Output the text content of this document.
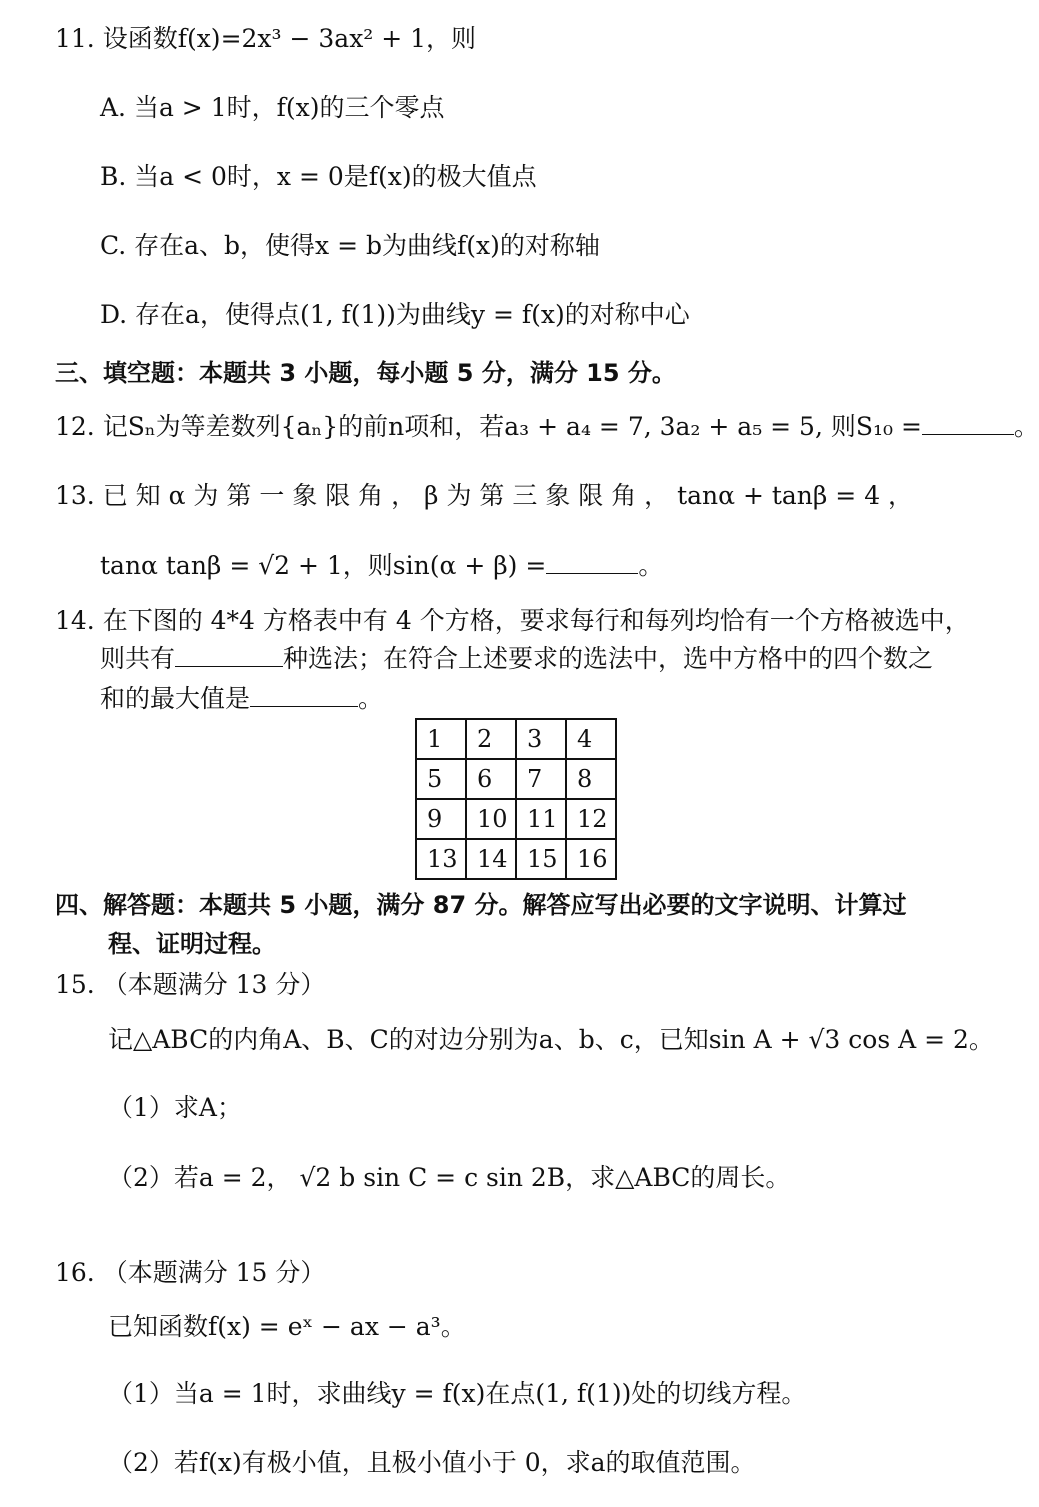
11. 设函数f(x)=2x³ − 3ax² + 1，则
A. 当a > 1时，f(x)的三个零点
B. 当a < 0时，x = 0是f(x)的极大值点
C. 存在a、b，使得x = b为曲线f(x)的对称轴
D. 存在a，使得点(1, f(1))为曲线y = f(x)的对称中心
三、填空题：本题共 3 小题，每小题 5 分，满分 15 分。
12. 记Sₙ为等差数列{aₙ}的前n项和，若a₃ + a₄ = 7, 3a₂ + a₅ = 5, 则S₁₀ =	。
13. 已 知 α 为 第 一 象 限 角 ， β 为 第 三 象 限 角 ， tanα + tanβ = 4 ，
tanα tanβ = √2 + 1，则sin(α + β) =	。
14. 在下图的 4*4 方格表中有 4 个方格，要求每行和每列均恰有一个方格被选中，
则共有	种选法；在符合上述要求的选法中，选中方格中的四个数之
和的最大值是	。
1	2	3	4
5	6	7	8
9	10	11	12
13	14	15	16
四、解答题：本题共 5 小题，满分 87 分。解答应写出必要的文字说明、计算过
程、证明过程。
15. （本题满分 13 分）
记△ABC的内角A、B、C的对边分别为a、b、c，已知sin A + √3 cos A = 2。
（1）求A；
（2）若a = 2， √2 b sin C = c sin 2B，求△ABC的周长。
16. （本题满分 15 分）
已知函数f(x) = eˣ − ax − a³。
（1）当a = 1时，求曲线y = f(x)在点(1, f(1))处的切线方程。
（2）若f(x)有极小值，且极小值小于 0，求a的取值范围。
